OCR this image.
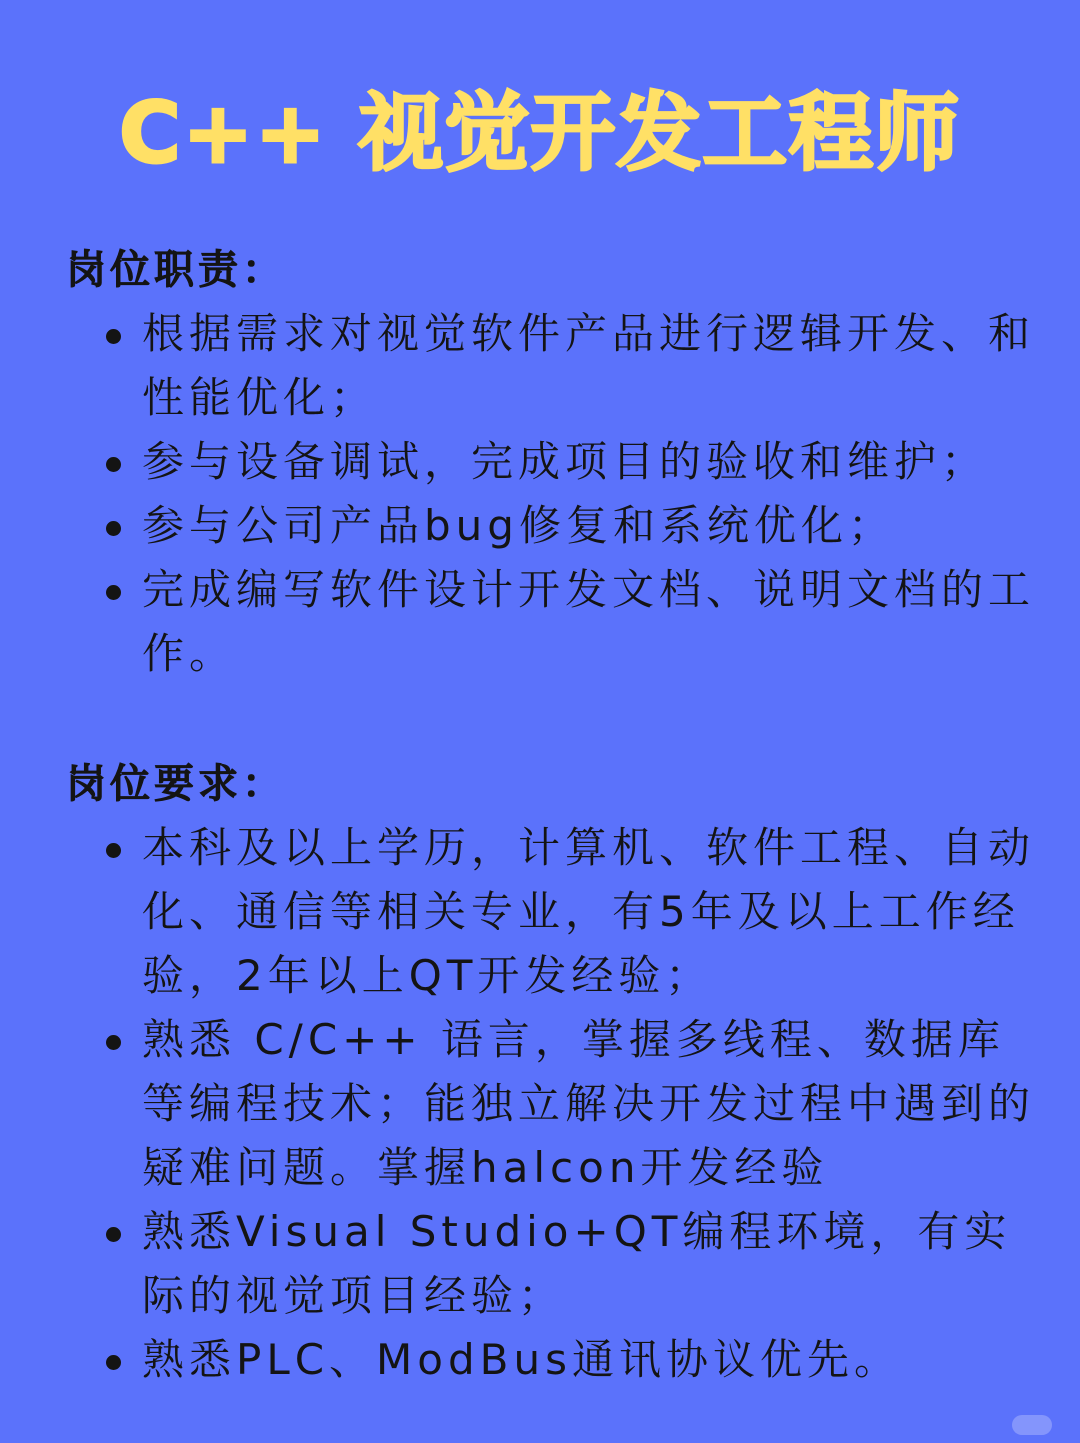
C++ 视觉开发工程师
岗位职责：
根据需求对视觉软件产品进行逻辑开发、和性能优化；
参与设备调试，完成项目的验收和维护；
参与公司产品bug修复和系统优化；
完成编写软件设计开发文档、说明文档的工作。
岗位要求：
本科及以上学历，计算机、软件工程、自动化、通信等相关专业，有5年及以上工作经验，2年以上QT开发经验；
熟悉 C/C++ 语言，掌握多线程、数据库等编程技术；能独立解决开发过程中遇到的疑难问题。掌握halcon开发经验
熟悉Visual Studio+QT编程环境，有实际的视觉项目经验；
熟悉PLC、ModBus通讯协议优先。
